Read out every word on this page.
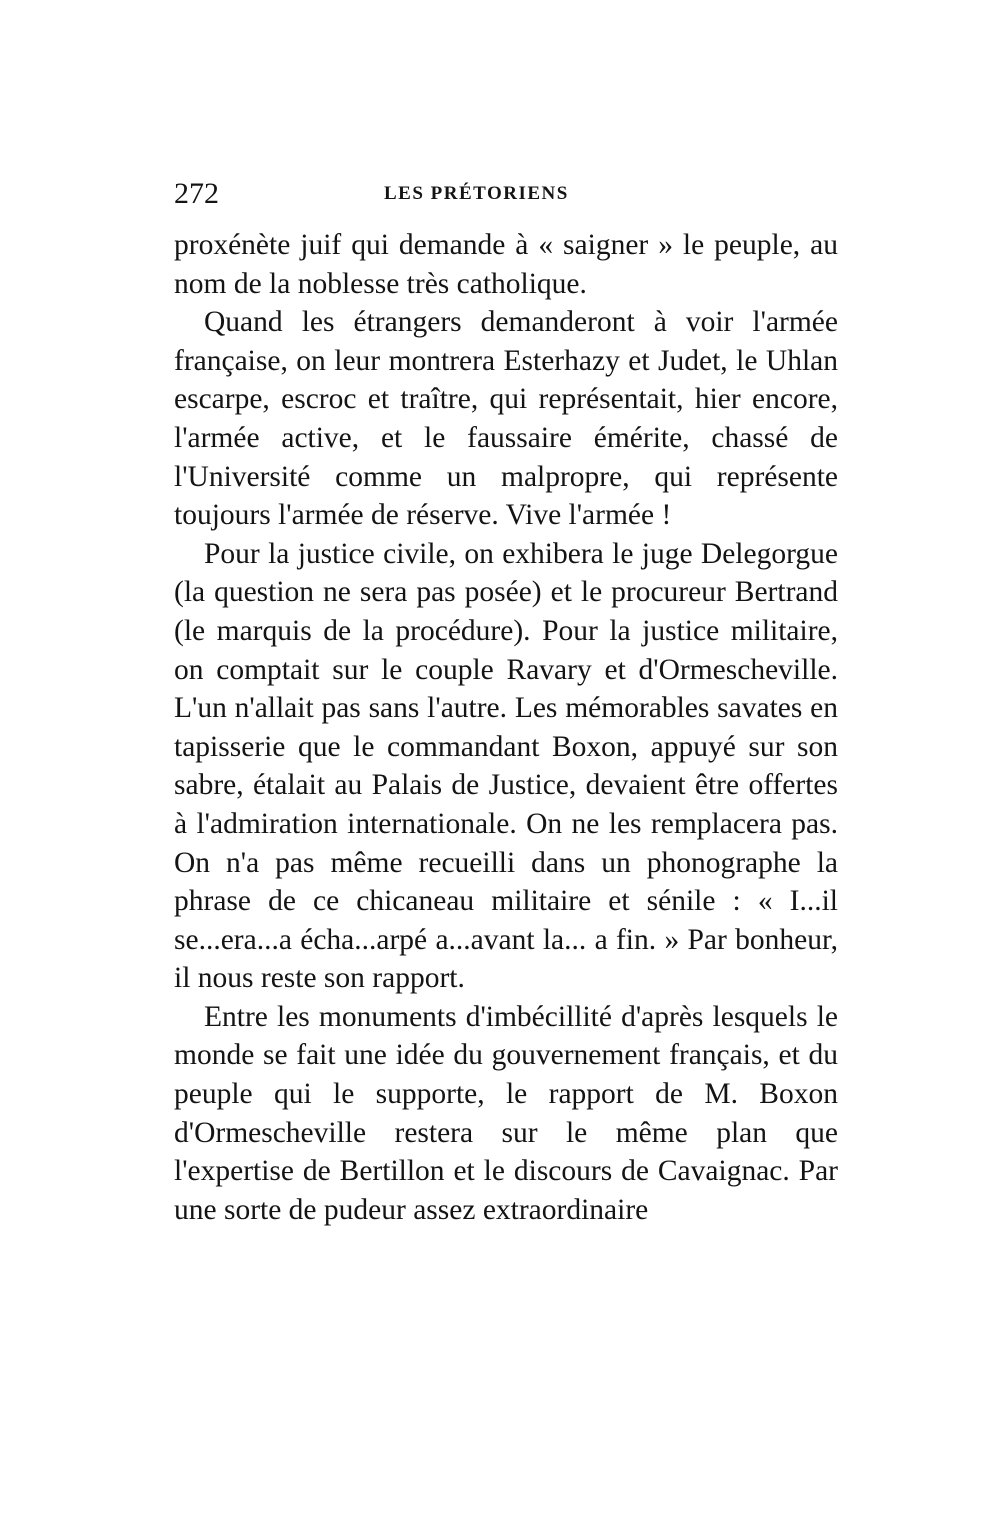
272	LES PRÉTORIENS

proxénète juif qui demande à « saigner » le peuple, au nom de la noblesse très catholique.

Quand les étrangers demanderont à voir l'armée française, on leur montrera Esterhazy et Judet, le Uhlan escarpe, escroc et traître, qui représentait, hier encore, l'armée active, et le faussaire émérite, chassé de l'Université comme un malpropre, qui représente toujours l'armée de réserve. Vive l'armée !

Pour la justice civile, on exhibera le juge Delegorgue (la question ne sera pas posée) et le procureur Bertrand (le marquis de la procédure). Pour la justice militaire, on comptait sur le couple Ravary et d'Ormescheville. L'un n'allait pas sans l'autre. Les mémorables savates en tapisserie que le commandant Boxon, appuyé sur son sabre, étalait au Palais de Justice, devaient être offertes à l'admiration internationale. On ne les remplacera pas. On n'a pas même recueilli dans un phonographe la phrase de ce chicaneau militaire et sénile : « I...il se...era...a écha...arpé a...avant la... a fin. » Par bonheur, il nous reste son rapport.

Entre les monuments d'imbécillité d'après lesquels le monde se fait une idée du gouvernement français, et du peuple qui le supporte, le rapport de M. Boxon d'Ormescheville restera sur le même plan que l'expertise de Bertillon et le discours de Cavaignac. Par une sorte de pudeur assez extraordinaire
